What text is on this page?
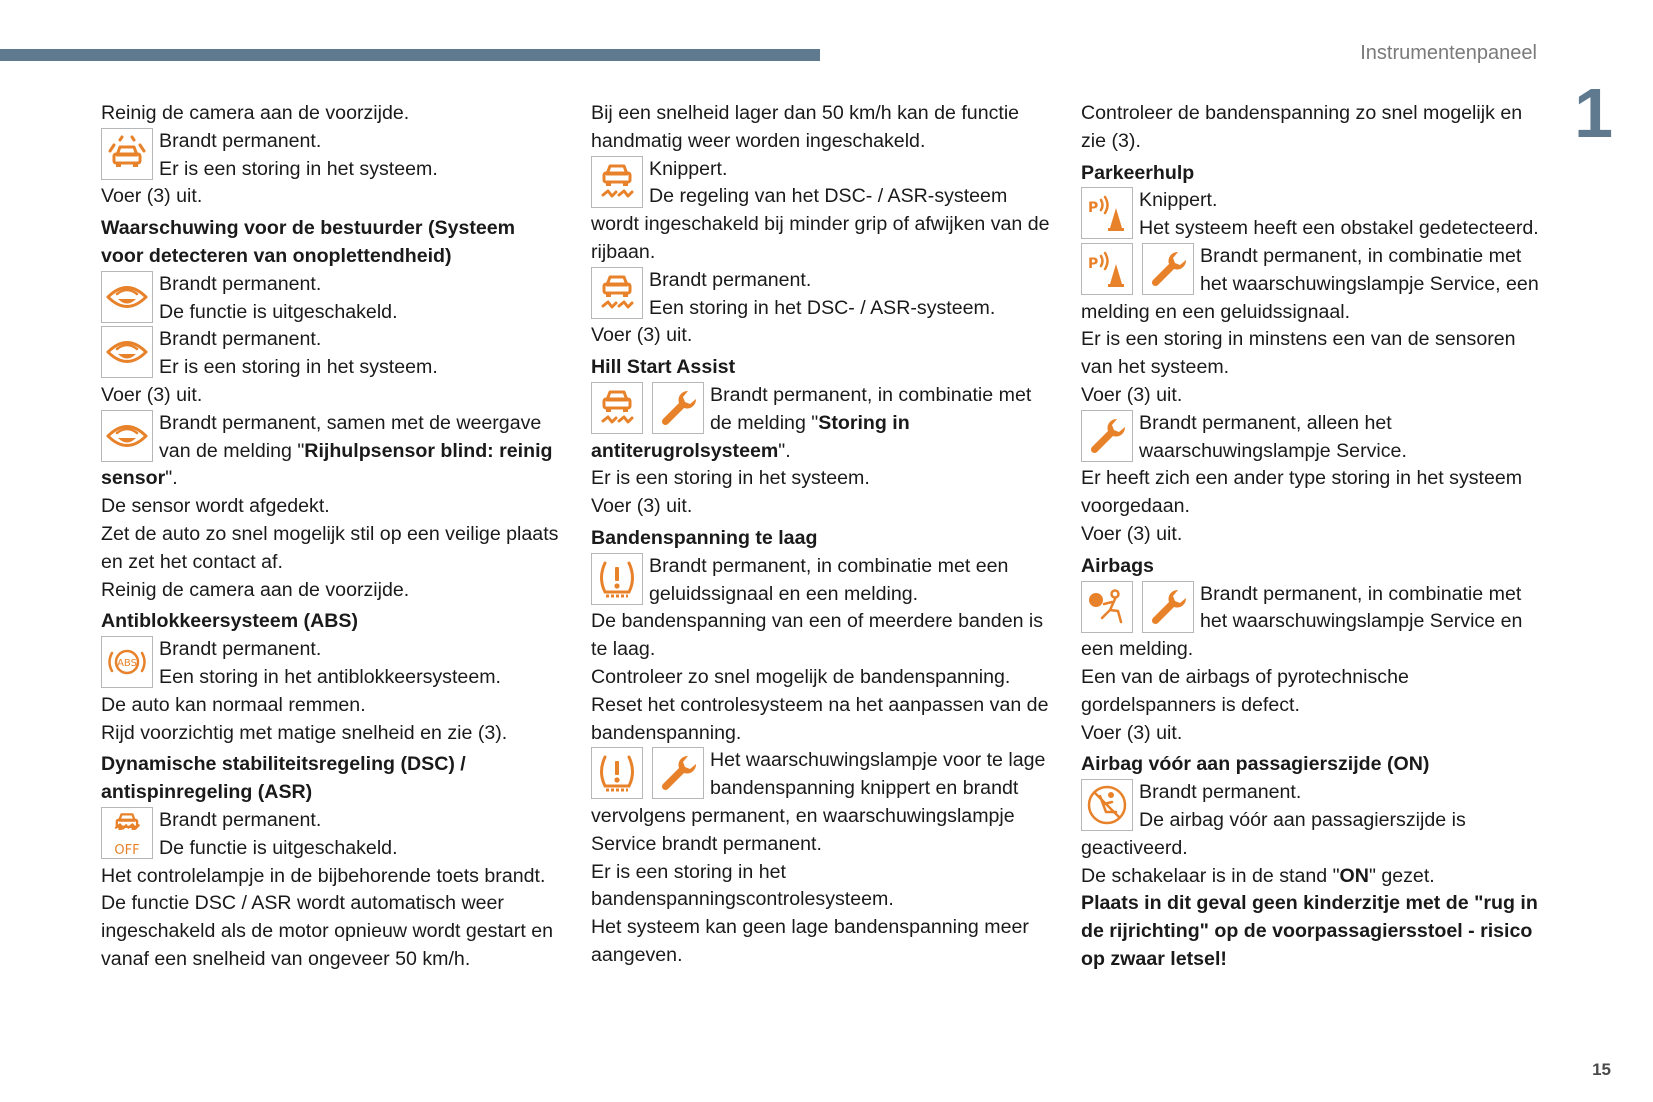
Instrumentenpaneel
1
15

Reinig de camera aan de voorzijde.

Brandt permanent.

Er is een storing in het systeem.

Voer (3) uit.

Waarschuwing voor de bestuurder (Systeem voor detecteren van onoplettendheid)

Brandt permanent.

De functie is uitgeschakeld.

Brandt permanent.

Er is een storing in het systeem.

Voer (3) uit.

Brandt permanent, samen met de weergave van de melding "Rijhulpsensor blind: reinig sensor".

De sensor wordt afgedekt.

Zet de auto zo snel mogelijk stil op een veilige plaats en zet het contact af.

Reinig de camera aan de voorzijde.

Antiblokkeersysteem (ABS)
ABS

Brandt permanent.

Een storing in het antiblokkeersysteem.

De auto kan normaal remmen.

Rijd voorzichtig met matige snelheid en zie (3).

Dynamische stabiliteitsregeling (DSC) / antispinregeling (ASR)
OFF

Brandt permanent.

De functie is uitgeschakeld.

Het controlelampje in de bijbehorende toets brandt.

De functie DSC / ASR wordt automatisch weer ingeschakeld als de motor opnieuw wordt gestart en vanaf een snelheid van ongeveer 50 km/h.

Bij een snelheid lager dan 50 km/h kan de functie handmatig weer worden ingeschakeld.

Knippert.

De regeling van het DSC- / ASR-systeem wordt ingeschakeld bij minder grip of afwijken van de rijbaan.

Brandt permanent.

Een storing in het DSC- / ASR-systeem.

Voer (3) uit.

Hill Start Assist

Brandt permanent, in combinatie met de melding "Storing in antiterugrolsysteem".

Er is een storing in het systeem.

Voer (3) uit.

Bandenspanning te laag

Brandt permanent, in combinatie met een geluidssignaal en een melding.

De bandenspanning van een of meerdere banden is te laag.

Controleer zo snel mogelijk de bandenspanning.

Reset het controlesysteem na het aanpassen van de bandenspanning.

Het waarschuwingslampje voor te lage bandenspanning knippert en brandt vervolgens permanent, en waarschuwingslampje Service brandt permanent.

Er is een storing in het bandenspanningscontrolesysteem.

Het systeem kan geen lage bandenspanning meer aangeven.

Controleer de bandenspanning zo snel mogelijk en zie (3).

Parkeerhulp
P	Knippert.

Het systeem heeft een obstakel gedetecteerd.

P	Brandt permanent, in combinatie met het waarschuwingslampje Service, een melding en een geluidssignaal.

Er is een storing in minstens een van de sensoren van het systeem.

Voer (3) uit.

Brandt permanent, alleen het waarschuwingslampje Service.

Er heeft zich een ander type storing in het systeem voorgedaan.

Voer (3) uit.

Airbags

Brandt permanent, in combinatie met het waarschuwingslampje Service en een melding.

Een van de airbags of pyrotechnische gordelspanners is defect.

Voer (3) uit.

Airbag vóór aan passagierszijde (ON)

Brandt permanent.

De airbag vóór aan passagierszijde is geactiveerd.

De schakelaar is in de stand "ON" gezet.

Plaats in dit geval geen kinderzitje met de "rug in de rijrichting" op de voorpassagiersstoel - risico op zwaar letsel!
